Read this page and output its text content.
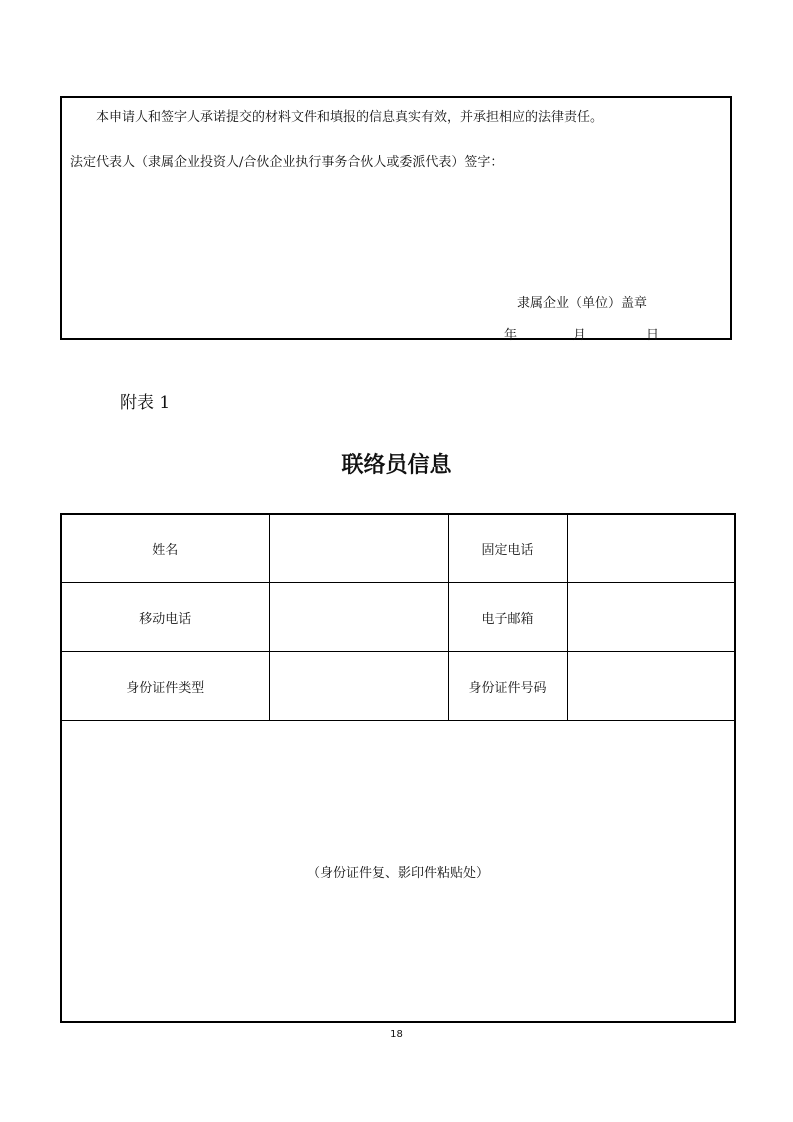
本申请人和签字人承诺提交的材料文件和填报的信息真实有效，并承担相应的法律责任。
法定代表人（隶属企业投资人/合伙企业执行事务合伙人或委派代表）签字：
隶属企业（单位）盖章
年	月	日
附表 1
联络员信息
姓名		固定电话	
移动电话		电子邮箱	
身份证件类型		身份证件号码	
（身份证件复、影印件粘贴处）			
18
